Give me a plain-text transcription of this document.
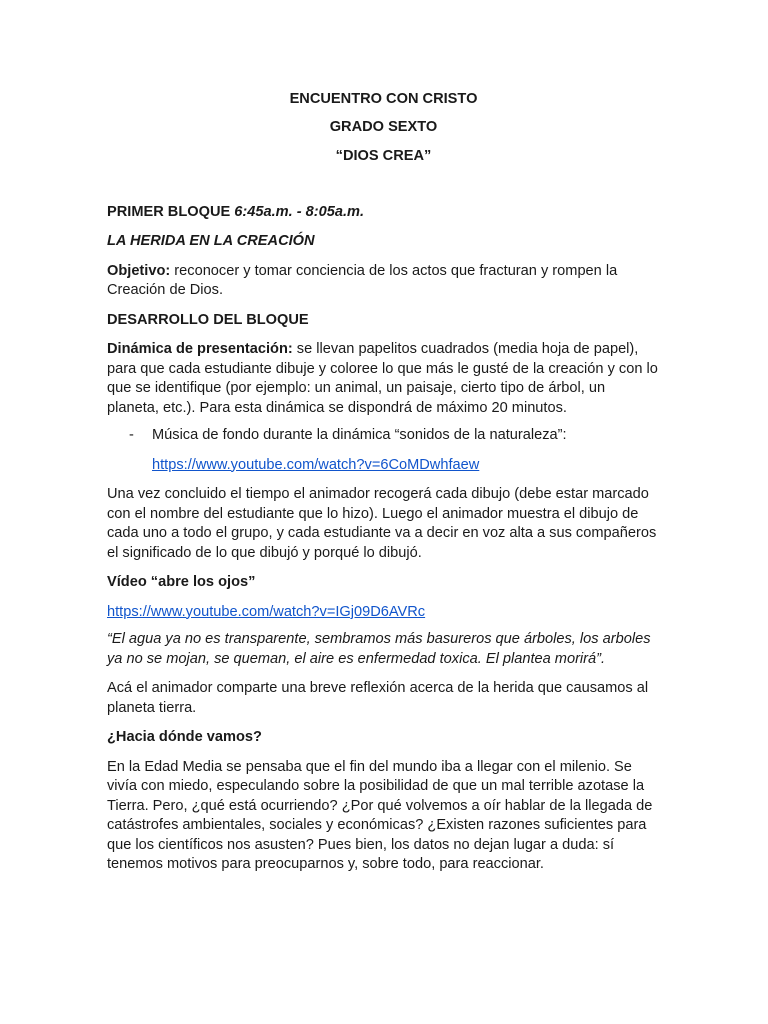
ENCUENTRO CON CRISTO

GRADO SEXTO

“DIOS CREA”

PRIMER BLOQUE 6:45a.m. - 8:05a.m.

LA HERIDA EN LA CREACIÓN

Objetivo: reconocer y tomar conciencia de los actos que fracturan y rompen la Creación de Dios.

DESARROLLO DEL BLOQUE

Dinámica de presentación: se llevan papelitos cuadrados (media hoja de papel), para que cada estudiante dibuje y coloree lo que más le gusté de la creación y con lo que se identifique (por ejemplo: un animal, un paisaje, cierto tipo de árbol, un planeta, etc.). Para esta dinámica se dispondrá de máximo 20 minutos.

-	Música de fondo durante la dinámica “sonidos de la naturaleza”:

https://www.youtube.com/watch?v=6CoMDwhfaew

Una vez concluido el tiempo el animador recogerá cada dibujo (debe estar marcado con el nombre del estudiante que lo hizo). Luego el animador muestra el dibujo de cada uno a todo el grupo, y cada estudiante va a decir en voz alta a sus compañeros el significado de lo que dibujó y porqué lo dibujó.

Vídeo “abre los ojos”

https://www.youtube.com/watch?v=IGj09D6AVRc

“El agua ya no es transparente, sembramos más basureros que árboles, los arboles ya no se mojan, se queman, el aire es enfermedad toxica. El plantea morirá”.

Acá el animador comparte una breve reflexión acerca de la herida que causamos al planeta tierra.

¿Hacia dónde vamos?

En la Edad Media se pensaba que el fin del mundo iba a llegar con el milenio. Se vivía con miedo, especulando sobre la posibilidad de que un mal terrible azotase la Tierra. Pero, ¿qué está ocurriendo? ¿Por qué volvemos a oír hablar de la llegada de catástrofes ambientales, sociales y económicas? ¿Existen razones suficientes para que los científicos nos asusten? Pues bien, los datos no dejan lugar a duda: sí tenemos motivos para preocuparnos y, sobre todo, para reaccionar.
